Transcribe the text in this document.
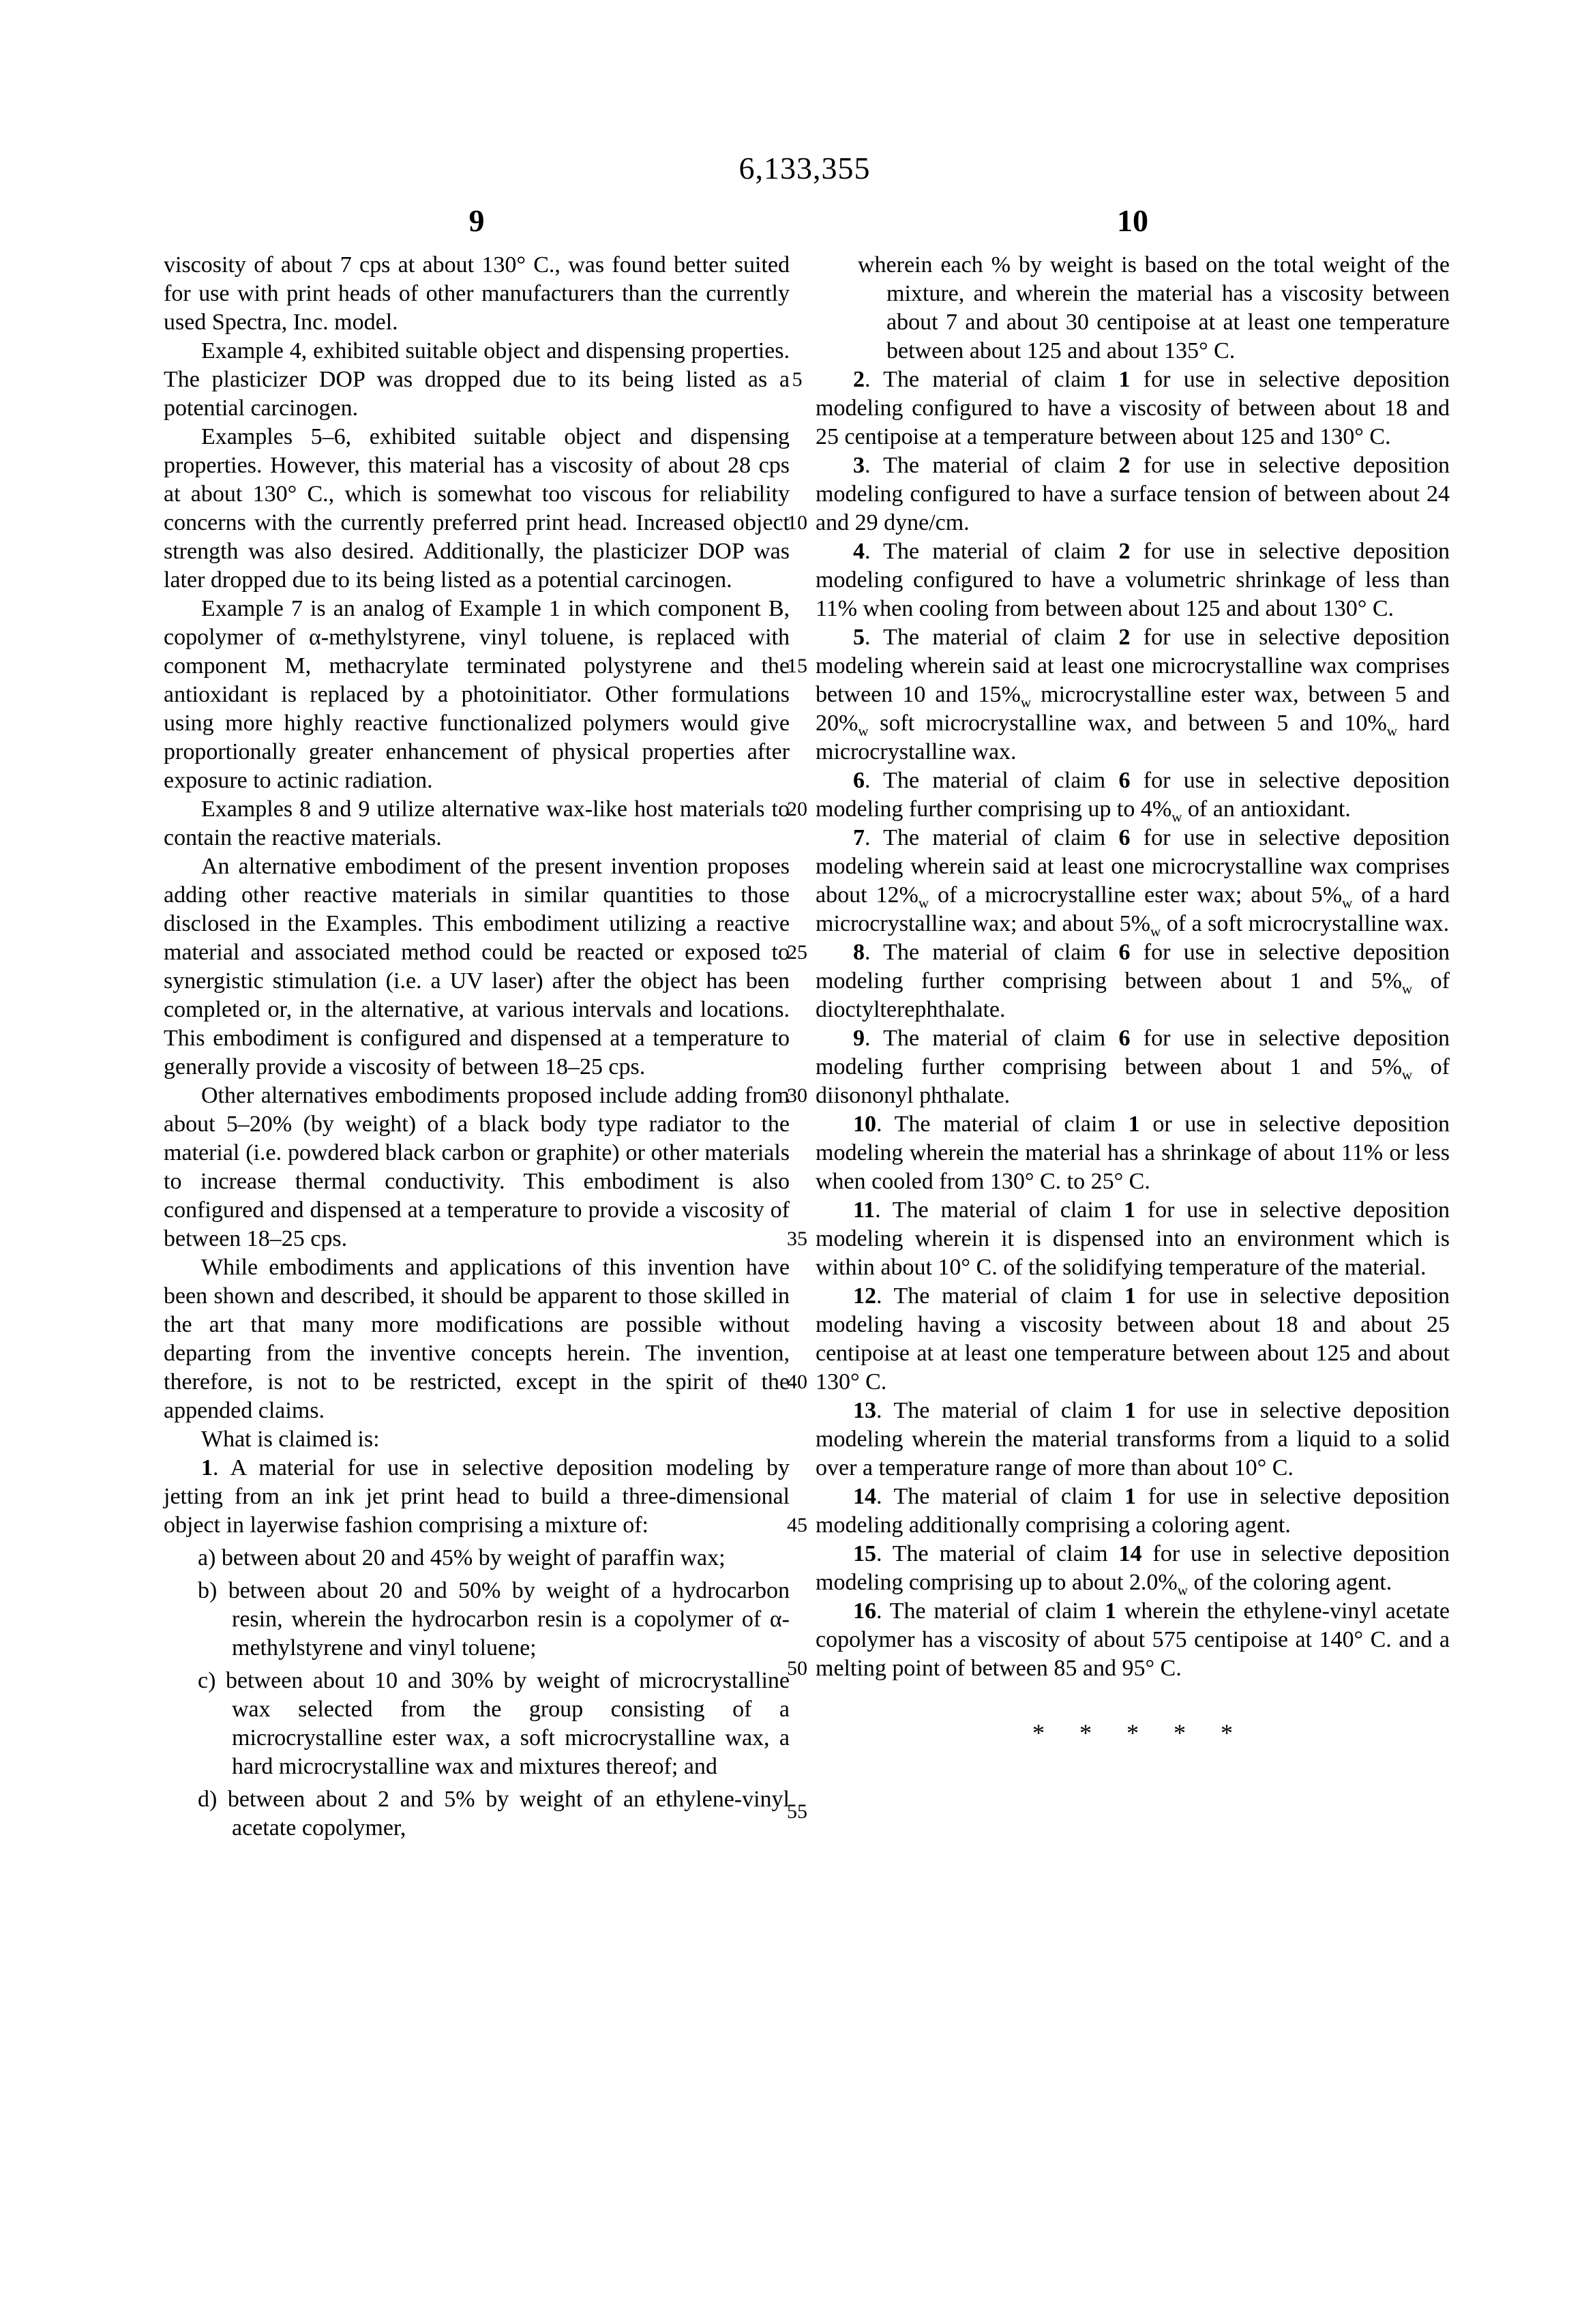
6,133,355
9	10
5
10
15
20
25
30
35
40
45
50
55

viscosity of about 7 cps at about 130° C., was found better suited for use with print heads of other manufacturers than the currently used Spectra, Inc. model.

Example 4, exhibited suitable object and dispensing properties. The plasticizer DOP was dropped due to its being listed as a potential carcinogen.

Examples 5–6, exhibited suitable object and dispensing properties. However, this material has a viscosity of about 28 cps at about 130° C., which is somewhat too viscous for reliability concerns with the currently preferred print head. Increased object strength was also desired. Additionally, the plasticizer DOP was later dropped due to its being listed as a potential carcinogen.

Example 7 is an analog of Example 1 in which component B, copolymer of α-methylstyrene, vinyl toluene, is replaced with component M, methacrylate terminated polystyrene and the antioxidant is replaced by a photoinitiator. Other formulations using more highly reactive functionalized polymers would give proportionally greater enhancement of physical properties after exposure to actinic radiation.

Examples 8 and 9 utilize alternative wax-like host materials to contain the reactive materials.

An alternative embodiment of the present invention proposes adding other reactive materials in similar quantities to those disclosed in the Examples. This embodiment utilizing a reactive material and associated method could be reacted or exposed to synergistic stimulation (i.e. a UV laser) after the object has been completed or, in the alternative, at various intervals and locations. This embodiment is configured and dispensed at a temperature to generally provide a viscosity of between 18–25 cps.

Other alternatives embodiments proposed include adding from about 5–20% (by weight) of a black body type radiator to the material (i.e. powdered black carbon or graphite) or other materials to increase thermal conductivity. This embodiment is also configured and dispensed at a temperature to provide a viscosity of between 18–25 cps.

While embodiments and applications of this invention have been shown and described, it should be apparent to those skilled in the art that many more modifications are possible without departing from the inventive concepts herein. The invention, therefore, is not to be restricted, except in the spirit of the appended claims.

What is claimed is:

1. A material for use in selective deposition modeling by jetting from an ink jet print head to build a three-dimensional object in layerwise fashion comprising a mixture of:

a) between about 20 and 45% by weight of paraffin wax;

b) between about 20 and 50% by weight of a hydrocarbon resin, wherein the hydrocarbon resin is a copolymer of α-methylstyrene and vinyl toluene;

c) between about 10 and 30% by weight of microcrystalline wax selected from the group consisting of a microcrystalline ester wax, a soft microcrystalline wax, a hard microcrystalline wax and mixtures thereof; and

d) between about 2 and 5% by weight of an ethylene-vinyl acetate copolymer,

wherein each % by weight is based on the total weight of the mixture, and wherein the material has a viscosity between about 7 and about 30 centipoise at at least one temperature between about 125 and about 135° C.

2. The material of claim 1 for use in selective deposition modeling configured to have a viscosity of between about 18 and 25 centipoise at a temperature between about 125 and 130° C.

3. The material of claim 2 for use in selective deposition modeling configured to have a surface tension of between about 24 and 29 dyne/cm.

4. The material of claim 2 for use in selective deposition modeling configured to have a volumetric shrinkage of less than 11% when cooling from between about 125 and about 130° C.

5. The material of claim 2 for use in selective deposition modeling wherein said at least one microcrystalline wax comprises between 10 and $15\%_w$ microcrystalline ester wax, between 5 and $20\%_w$ soft microcrystalline wax, and between 5 and $10\%_w$ hard microcrystalline wax.

6. The material of claim 6 for use in selective deposition modeling further comprising up to $4\%_w$ of an antioxidant.

7. The material of claim 6 for use in selective deposition modeling wherein said at least one microcrystalline wax comprises about $12\%_w$ of a microcrystalline ester wax; about $5\%_w$ of a hard microcrystalline wax; and about $5\%_w$ of a soft microcrystalline wax.

8. The material of claim 6 for use in selective deposition modeling further comprising between about 1 and $5\%_w$ of dioctylterephthalate.

9. The material of claim 6 for use in selective deposition modeling further comprising between about 1 and $5\%_w$ of diisononyl phthalate.

10. The material of claim 1 or use in selective deposition modeling wherein the material has a shrinkage of about 11% or less when cooled from 130° C. to 25° C.

11. The material of claim 1 for use in selective deposition modeling wherein it is dispensed into an environment which is within about 10° C. of the solidifying temperature of the material.

12. The material of claim 1 for use in selective deposition modeling having a viscosity between about 18 and about 25 centipoise at at least one temperature between about 125 and about 130° C.

13. The material of claim 1 for use in selective deposition modeling wherein the material transforms from a liquid to a solid over a temperature range of more than about 10° C.

14. The material of claim 1 for use in selective deposition modeling additionally comprising a coloring agent.

15. The material of claim 14 for use in selective deposition modeling comprising up to about $2.0\%_w$ of the coloring agent.

16. The material of claim 1 wherein the ethylene-vinyl acetate copolymer has a viscosity of about 575 centipoise at 140° C. and a melting point of between 85 and 95° C.

* * * * *
